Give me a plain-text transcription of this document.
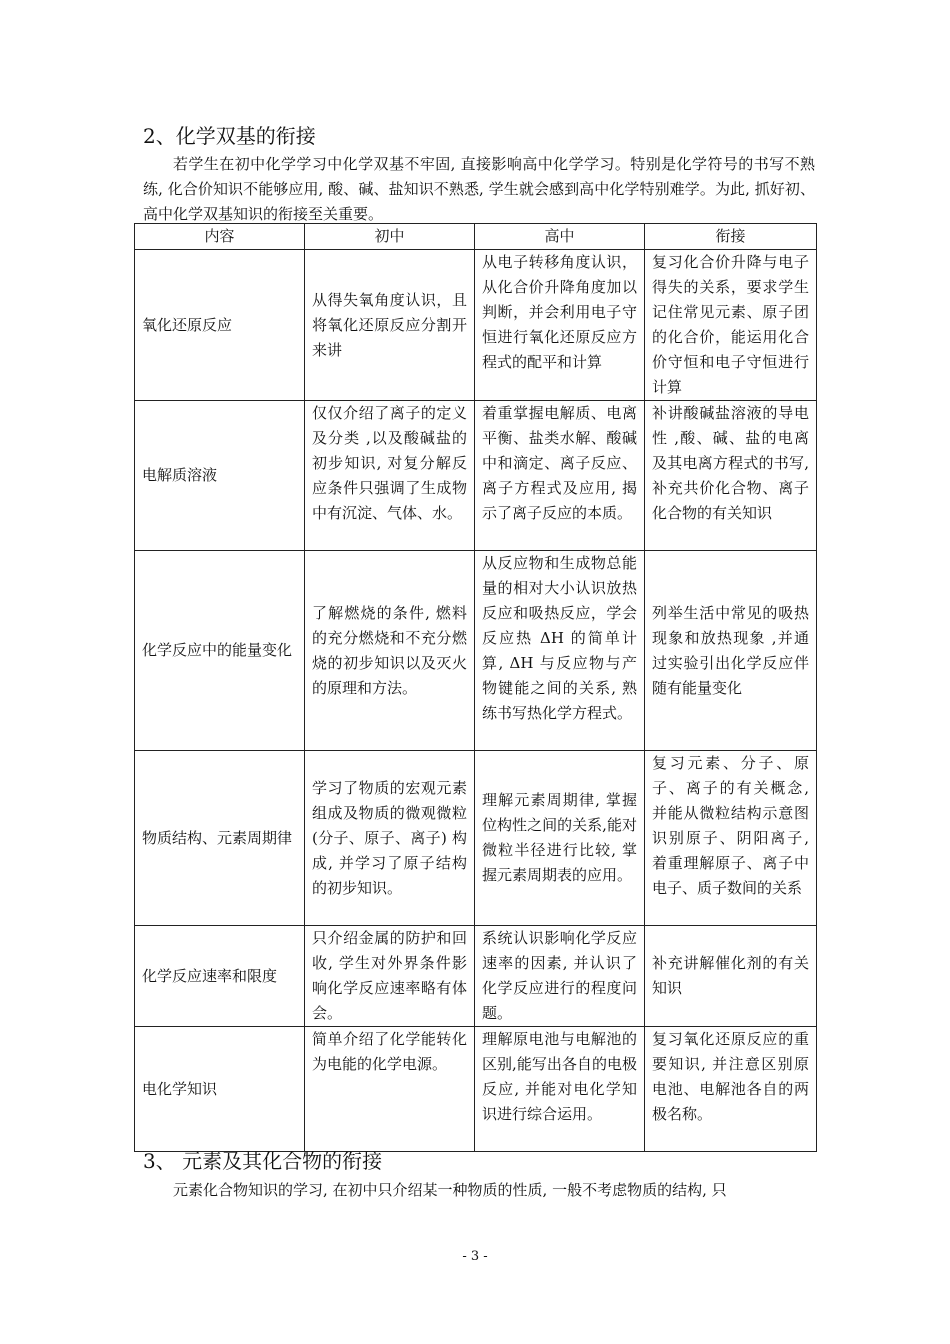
2、化学双基的衔接

若学生在初中化学学习中化学双基不牢固, 直接影响高中化学学习。特别是化学符号的书写不熟练, 化合价知识不能够应用, 酸、碱、盐知识不熟悉, 学生就会感到高中化学特别难学。为此, 抓好初、高中化学双基知识的衔接至关重要。

内容	初中	高中	衔接
氧化还原反应	从得失氧角度认识，且将氧化还原反应分割开来讲	从电子转移角度认识，从化合价升降角度加以判断，并会利用电子守恒进行氧化还原反应方程式的配平和计算	复习化合价升降与电子得失的关系，要求学生记住常见元素、原子团的化合价，能运用化合价守恒和电子守恒进行计算
电解质溶液	仅仅介绍了离子的定义及分类 ,以及酸碱盐的初步知识, 对复分解反应条件只强调了生成物中有沉淀、气体、水。	着重掌握电解质、电离平衡、盐类水解、酸碱 中和滴定、离子反应、离子方程式及应用, 揭示了离子反应的本质。	补讲酸碱盐溶液的导电性 ,酸、碱、盐的电离及其电离方程式的书写, 补充共价化合物、离子化合物的有关知识
化学反应中的能量变化	了解燃烧的条件, 燃料的充分燃烧和不充分燃烧的初步知识以及灭火的原理和方法。	从反应物和生成物总能量的相对大小认识放热反应和吸热反应，学会反应热 ΔH 的简单计算, ΔH 与反应物与产物键能之间的关系, 熟练书写热化学方程式。	列举生活中常见的吸热现象和放热现象 ,并通过实验引出化学反应伴随有能量变化
物质结构、元素周期律	学习了物质的宏观元素组成及物质的微观微粒(分子、原子、离子) 构成, 并学习了原子结构的初步知识。	理解元素周期律, 掌握位构性之间的关系,能对微粒半径进行比较, 掌握元素周期表的应用。	复习元素、分子、原子、离子的有关概念, 并能从微粒结构示意图识别原子、阴阳离子, 着重理解原子、离子中电子、质子数间的关系
化学反应速率和限度	只介绍金属的防护和回收, 学生对外界条件影响化学反应速率略有体会。	系统认识影响化学反应速率的因素, 并认识了化学反应进行的程度问题。	补充讲解催化剂的有关知识
电化学知识	简单介绍了化学能转化为电能的化学电源。	理解原电池与电解池的区别,能写出各自的电极反应, 并能对电化学知识进行综合运用。	复习氧化还原反应的重要知识, 并注意区别原电池、电解池各自的两极名称。
3、 元素及其化合物的衔接

元素化合物知识的学习, 在初中只介绍某一种物质的性质, 一般不考虑物质的结构, 只

- 3 -
